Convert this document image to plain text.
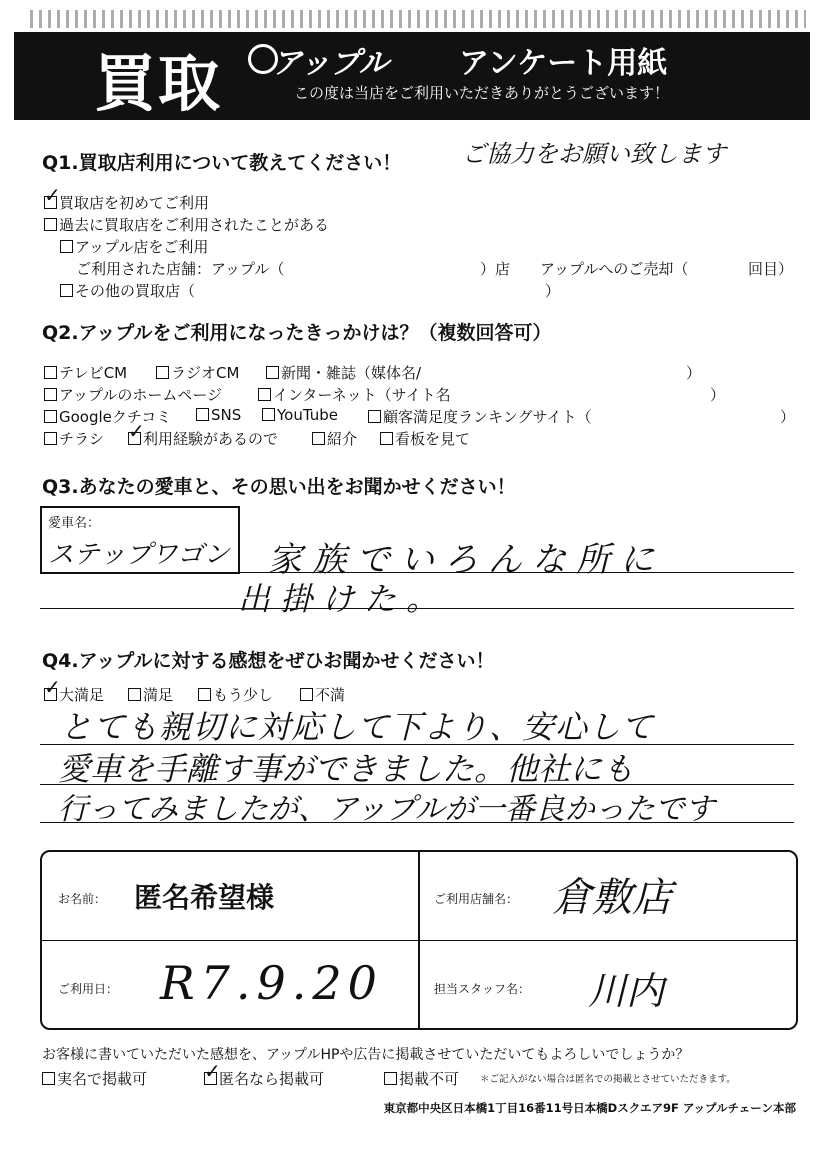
買取 アップル アンケート用紙
この度は当店をご利用いただきありがとうございます！
Q1.買取店利用について教えてください！	ご協力をお願い致します
✓
買取店を初めてご利用
過去に買取店をご利用されたことがある
アップル店をご利用
ご利用された店舗：アップル（	）店 アップルへのご売却（	回目）
その他の買取店（	）
Q2.アップルをご利用になったきっかけは？（複数回答可）
テレビCM	ラジオCM	新聞・雑誌（媒体名/	）
アップルのホームページ	インターネット（サイト名	）
Googleクチコミ	SNS	YouTube	顧客満足度ランキングサイト（	）
チラシ ✓
利用経験があるので	紹介	看板を見て
Q3.あなたの愛車と、その思い出をお聞かせください！
愛車名：
ステップワゴン 家族でいろんな所に
出掛けた。
Q4.アップルに対する感想をぜひお聞かせください！
✓
大満足	満足	もう少し	不満
とても親切に対応して下より、安心して
愛車を手離す事ができました。他社にも
行ってみましたが、アップルが一番良かったです
お名前： 匿名希望様	ご利用店舗名： 倉敷店
ご利用日： R7.9.20	担当スタッフ名： 川内
お客様に書いていただいた感想を、アップルHPや広告に掲載させていただいてもよろしいでしょうか？
実名で掲載可	✓
匿名なら掲載可	掲載不可 ＊ご記入がない場合は匿名での掲載とさせていただきます。
東京都中央区日本橋1丁目16番11号日本橋Dスクエア9F アップルチェーン本部
